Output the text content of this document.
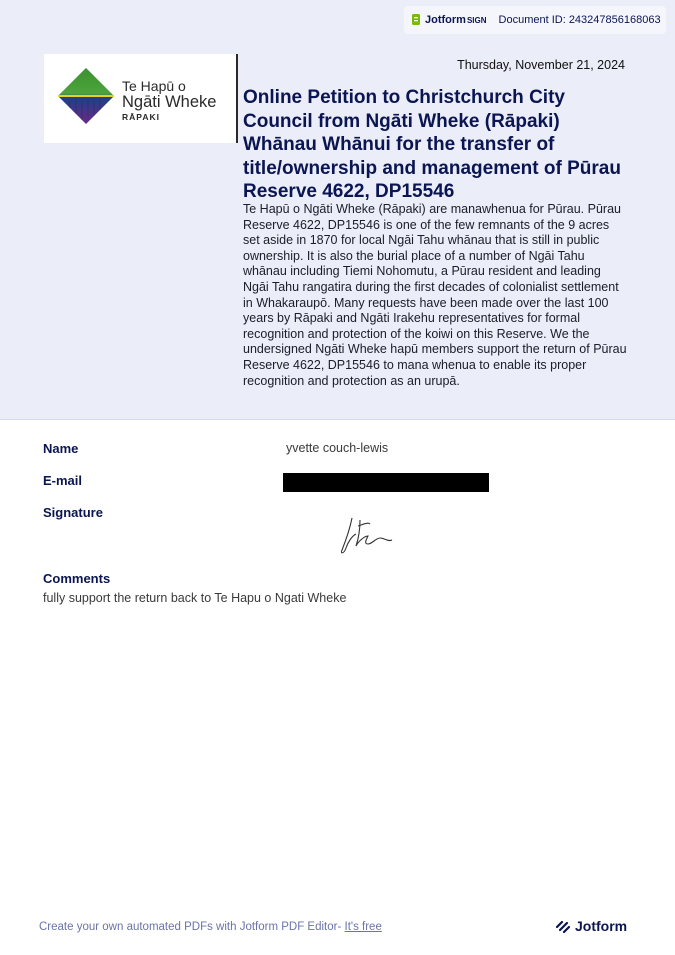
Jotform SIGN Document ID: 243247856168063
Te Hapū o
Ngāti Wheke
RĀPAKI
Thursday, November 21, 2024
Online Petition to Christchurch City Council from Ngāti Wheke (Rāpaki) Whānau Whānui for the transfer of title/ownership and management of Pūrau Reserve 4622, DP15546

Te Hapū o Ngāti Wheke (Rāpaki) are manawhenua for Pūrau. Pūrau Reserve 4622, DP15546 is one of the few remnants of the 9 acres set aside in 1870 for local Ngāi Tahu whānau that is still in public ownership. It is also the burial place of a number of Ngāi Tahu whānau including Tiemi Nohomutu, a Pūrau resident and leading Ngāi Tahu rangatira during the first decades of colonialist settlement in Whakaraupō. Many requests have been made over the last 100 years by Rāpaki and Ngāti Irakehu representatives for formal recognition and protection of the koiwi on this Reserve. We the undersigned Ngāti Wheke hapū members support the return of Pūrau Reserve 4622, DP15546 to mana whenua to enable its proper recognition and protection as an urupā.

Name	yvette couch-lewis
E-mail
Signature
Comments
fully support the return back to Te Hapu o Ngati Wheke
Create your own automated PDFs with Jotform PDF Editor- It's free	Jotform
